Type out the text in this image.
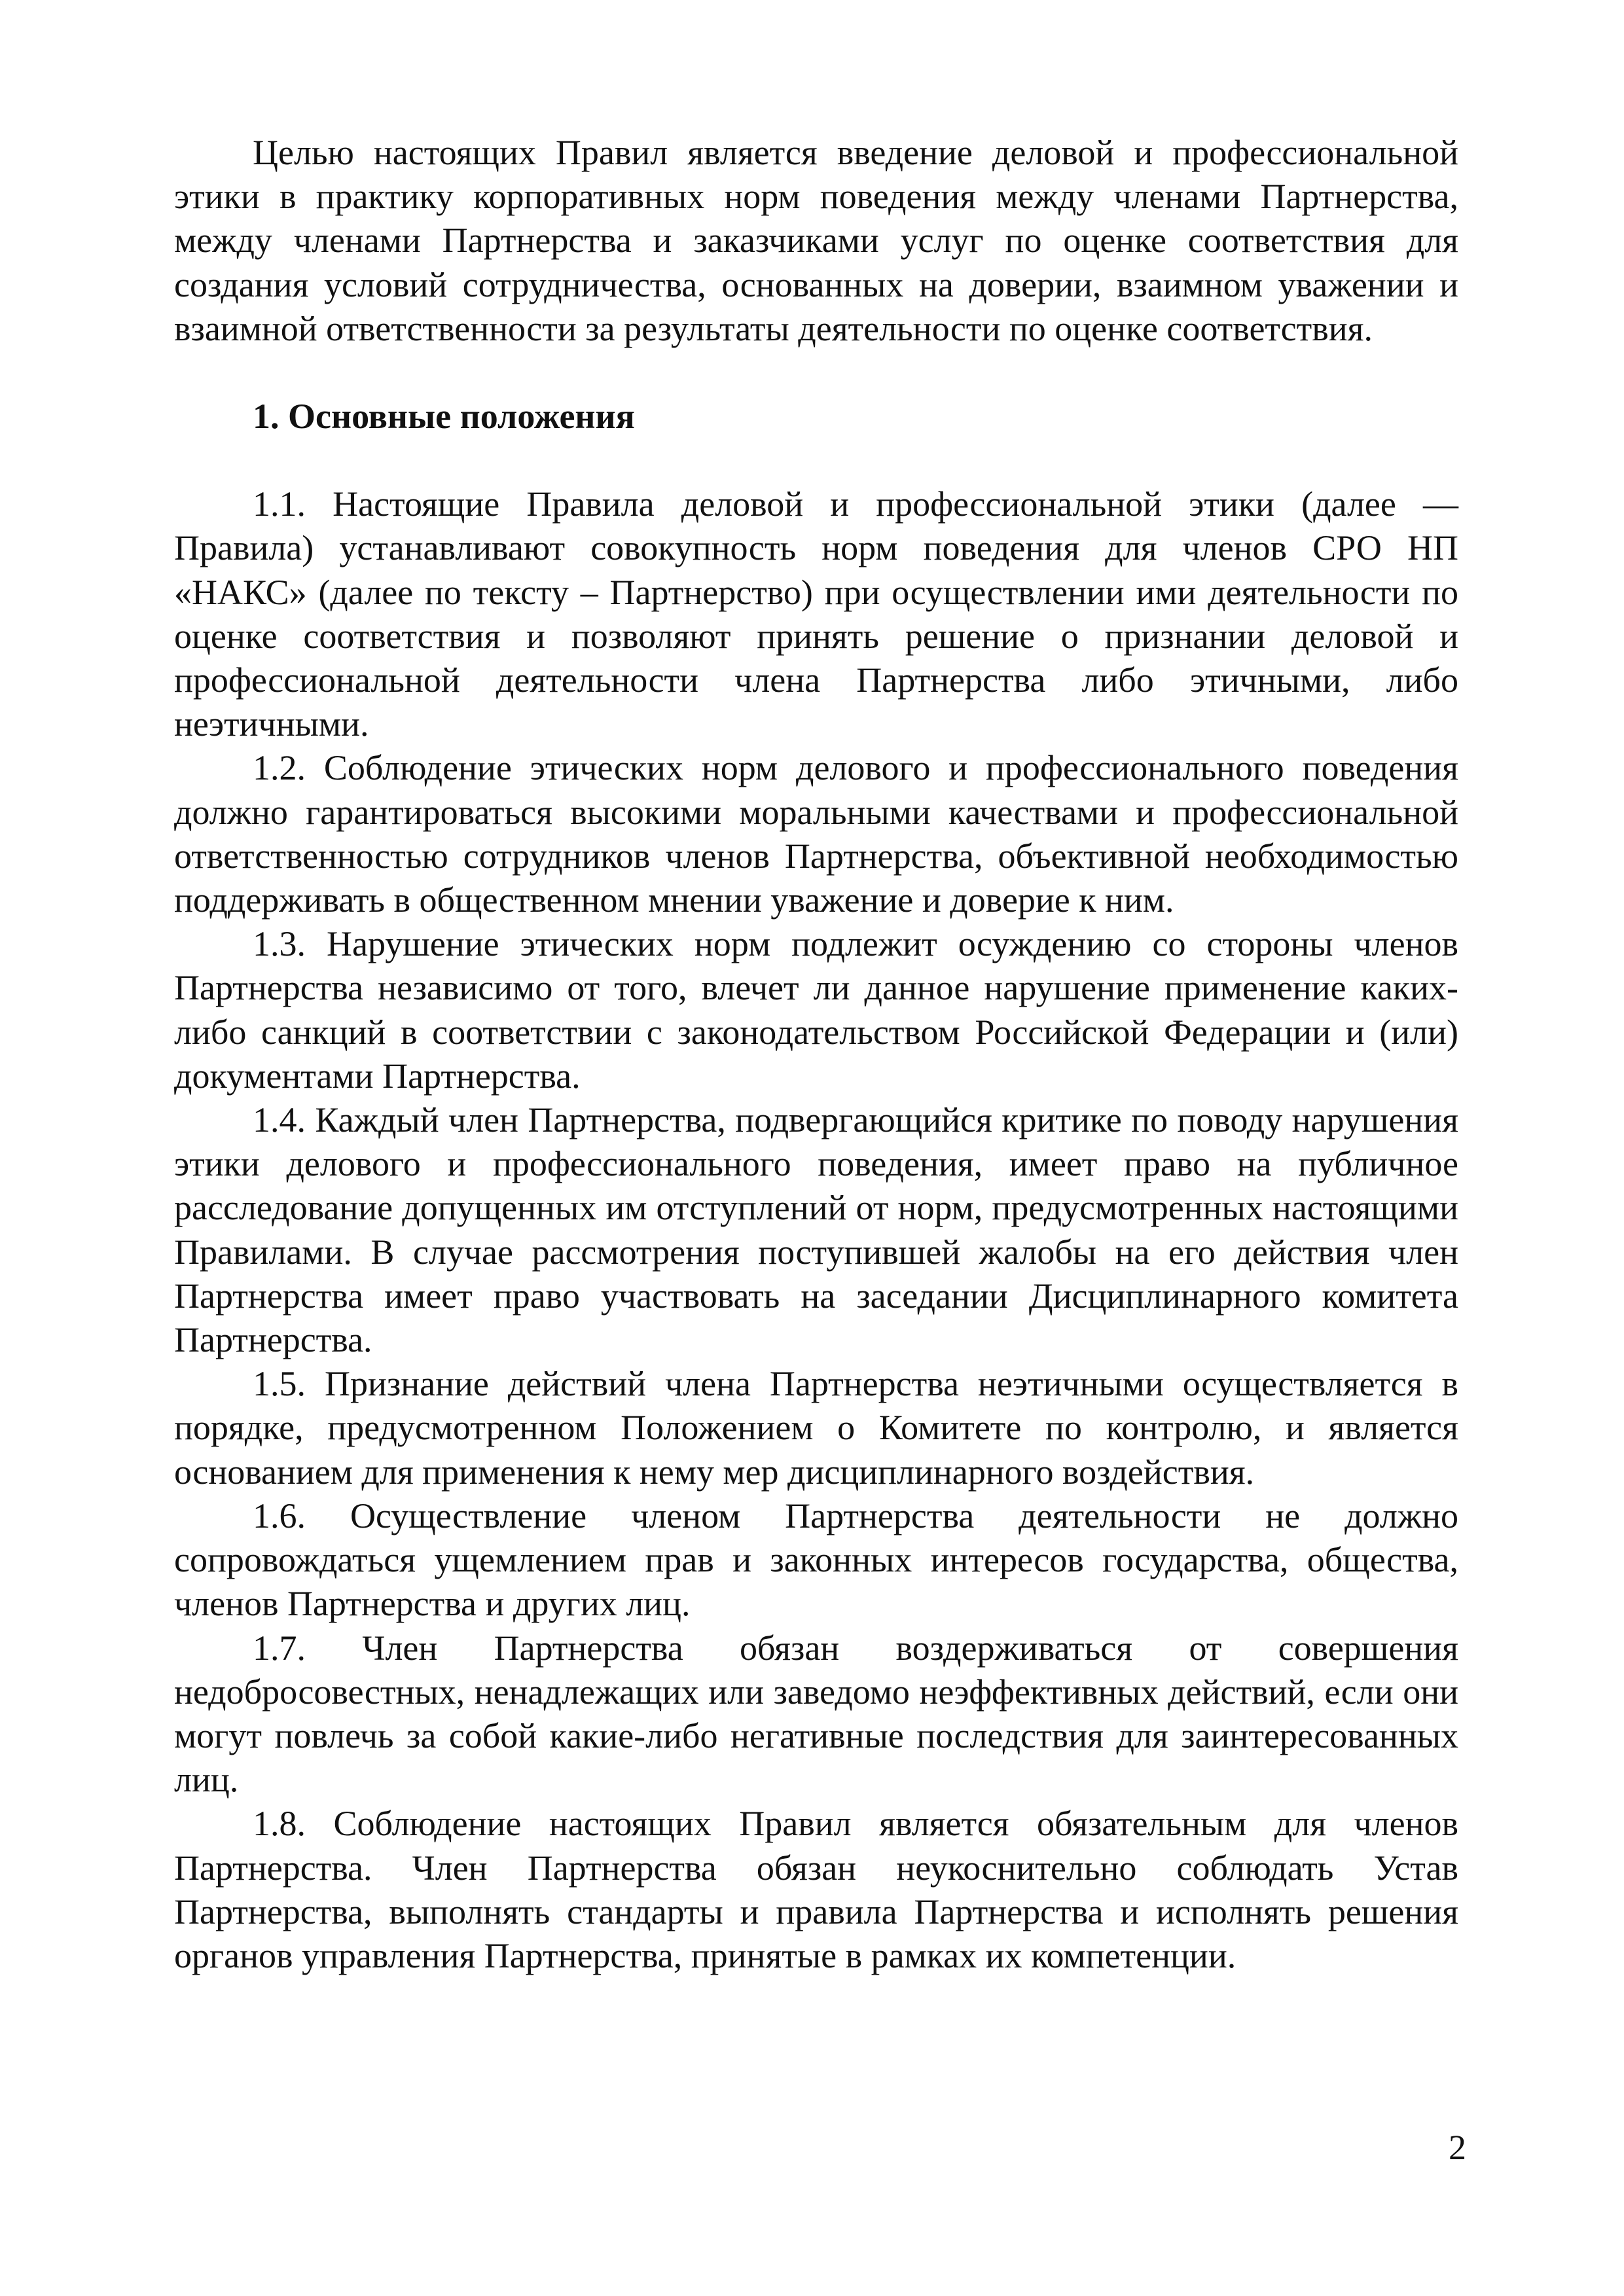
Целью настоящих Правил является введение деловой и профессиональной этики в практику корпоративных норм поведения между членами Партнерства, между членами Партнерства и заказчиками услуг по оценке соответствия для создания условий сотрудничества, основанных на доверии, взаимном уважении и взаимной ответственности за результаты деятельности по оценке соответствия.

1. Основные положения

1.1. Настоящие Правила деловой и профессиональной этики (далее — Правила) устанавливают совокупность норм поведения для членов СРО НП «НАКС» (далее по тексту – Партнерство) при осуществлении ими деятельности по оценке соответствия и позволяют принять решение о признании деловой и профессиональной деятельности члена Партнерства либо этичными, либо неэтичными.

1.2. Соблюдение этических норм делового и профессионального поведения должно гарантироваться высокими моральными качествами и профессиональной ответственностью сотрудников членов Партнерства, объективной необходимостью поддерживать в общественном мнении уважение и доверие к ним.

1.3. Нарушение этических норм подлежит осуждению со стороны членов Партнерства независимо от того, влечет ли данное нарушение применение каких-либо санкций в соответствии с законодательством Российской Федерации и (или) документами Партнерства.

1.4. Каждый член Партнерства, подвергающийся критике по поводу нарушения этики делового и профессионального поведения, имеет право на публичное расследование допущенных им отступлений от норм, предусмотренных настоящими Правилами. В случае рассмотрения поступившей жалобы на его действия член Партнерства имеет право участвовать на заседании Дисциплинарного комитета Партнерства.

1.5. Признание действий члена Партнерства неэтичными осуществляется в порядке, предусмотренном Положением о Комитете по контролю, и является основанием для применения к нему мер дисциплинарного воздействия.

1.6. Осуществление членом Партнерства деятельности не должно сопровождаться ущемлением прав и законных интересов государства, общества, членов Партнерства и других лиц.

1.7. Член Партнерства обязан воздерживаться от совершения недобросовестных, ненадлежащих или заведомо неэффективных действий, если они могут повлечь за собой какие-либо негативные последствия для заинтересованных лиц.

1.8. Соблюдение настоящих Правил является обязательным для членов Партнерства. Член Партнерства обязан неукоснительно соблюдать Устав Партнерства, выполнять стандарты и правила Партнерства и исполнять решения органов управления Партнерства, принятые в рамках их компетенции.

2
